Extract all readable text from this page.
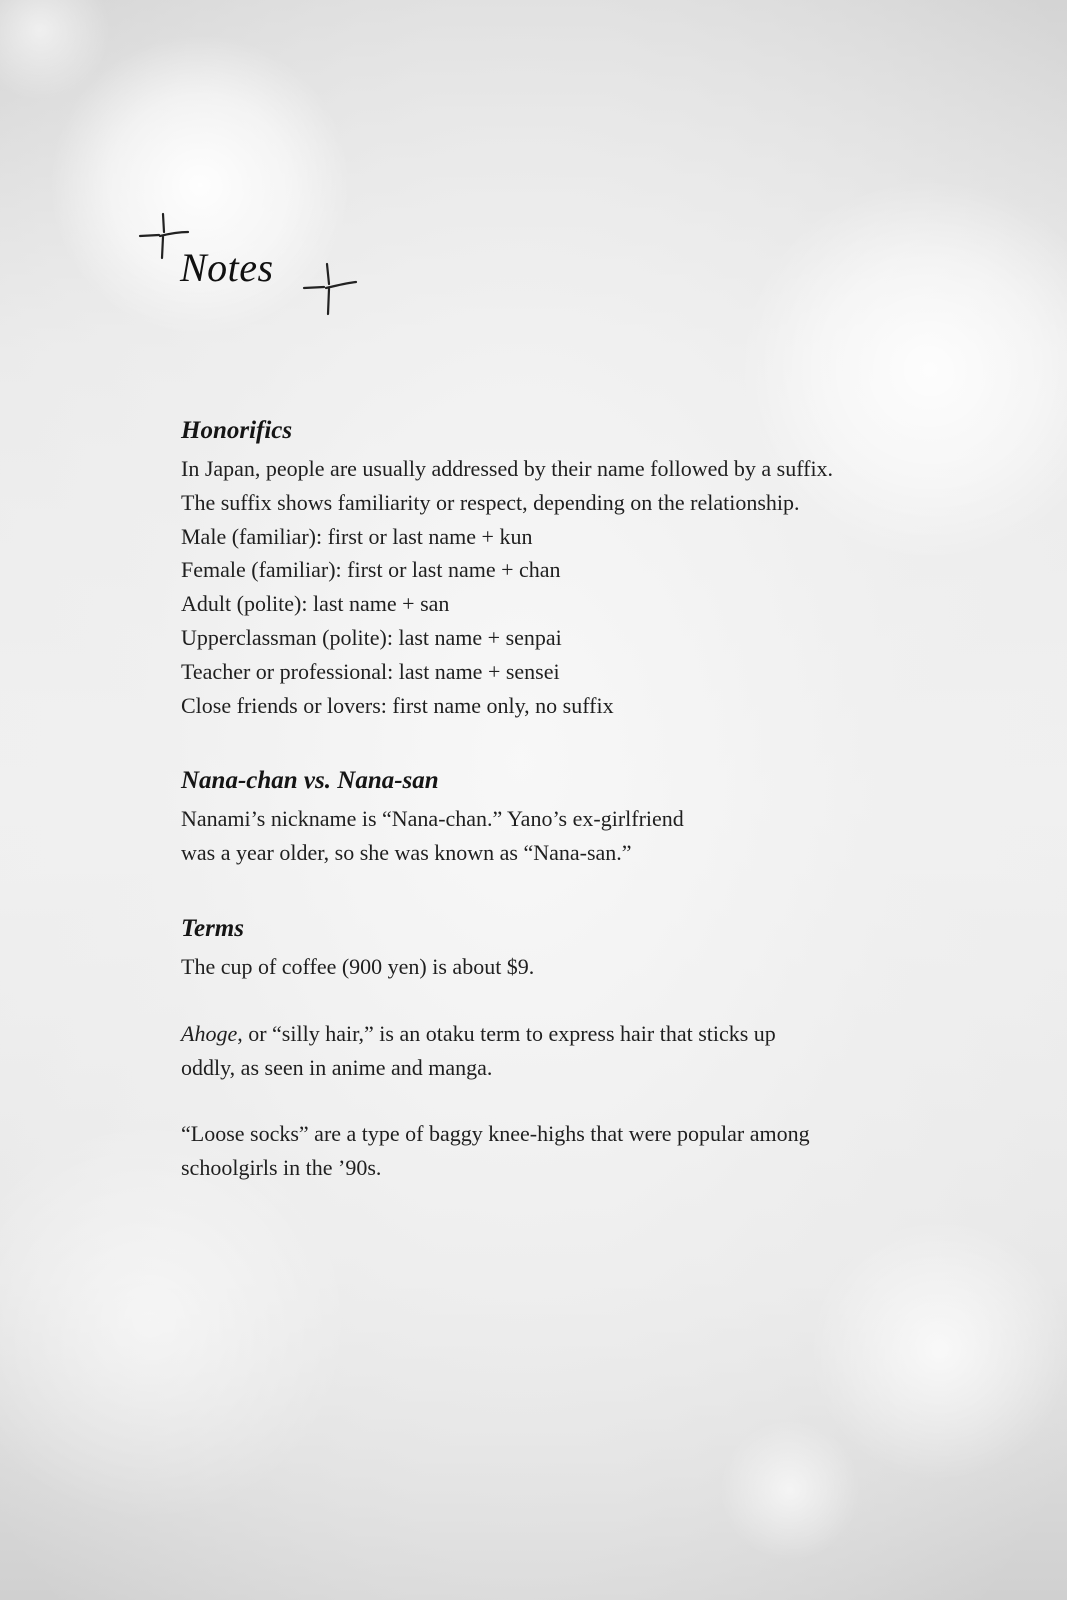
Notes
Honorifics

In Japan, people are usually addressed by their name followed by a suffix.

The suffix shows familiarity or respect, depending on the relationship.

Male (familiar): first or last name + kun

Female (familiar): first or last name + chan

Adult (polite): last name + san

Upperclassman (polite): last name + senpai

Teacher or professional: last name + sensei

Close friends or lovers: first name only, no suffix

Nana-chan vs. Nana-san

Nanami’s nickname is “Nana-chan.” Yano’s ex-girlfriend

was a year older, so she was known as “Nana-san.”

Terms

The cup of coffee (900 yen) is about $9.

Ahoge, or “silly hair,” is an otaku term to express hair that sticks up

oddly, as seen in anime and manga.

“Loose socks” are a type of baggy knee-highs that were popular among

schoolgirls in the ’90s.
